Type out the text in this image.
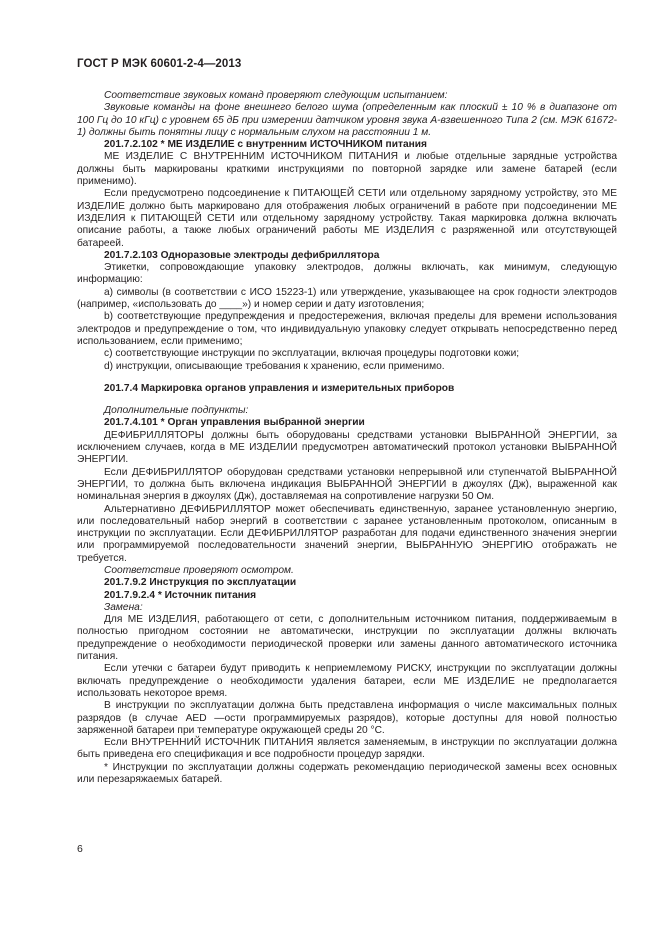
ГОСТ Р МЭК 60601-2-4—2013

Соответствие звуковых команд проверяют следующим испытанием:

Звуковые команды на фоне внешнего белого шума (определенным как плоский ± 10 % в диапазоне от 100 Гц до 10 кГц) с уровнем 65 дБ при измерении датчиком уровня звука А-взвешенного Типа 2 (см. МЭК 61672-1) должны быть понятны лицу с нормальным слухом на расстоянии 1 м.

201.7.2.102 * МЕ ИЗДЕЛИЕ с внутренним ИСТОЧНИКОМ питания

МЕ ИЗДЕЛИЕ С ВНУТРЕННИМ ИСТОЧНИКОМ ПИТАНИЯ и любые отдельные зарядные устройства должны быть маркированы краткими инструкциями по повторной зарядке или замене батарей (если применимо).

Если предусмотрено подсоединение к ПИТАЮЩЕЙ СЕТИ или отдельному зарядному устройству, это МЕ ИЗДЕЛИЕ должно быть маркировано для отображения любых ограничений в работе при подсоединении МЕ ИЗДЕЛИЯ к ПИТАЮЩЕЙ СЕТИ или отдельному зарядному устройству. Такая маркировка должна включать описание работы, а также любых ограничений работы МЕ ИЗДЕЛИЯ с разряженной или отсутствующей батареей.

201.7.2.103 Одноразовые электроды дефибриллятора

Этикетки, сопровождающие упаковку электродов, должны включать, как минимум, следующую информацию:

а) символы (в соответствии с ИСО 15223-1) или утверждение, указывающее на срок годности электродов (например, «использовать до ____») и номер серии и дату изготовления;

b) соответствующие предупреждения и предостережения, включая пределы для времени использования электродов и предупреждение о том, что индивидуальную упаковку следует открывать непосредственно перед использованием, если применимо;

c) соответствующие инструкции по эксплуатации, включая процедуры подготовки кожи;

d) инструкции, описывающие требования к хранению, если применимо.

201.7.4 Маркировка органов управления и измерительных приборов

Дополнительные подпункты:

201.7.4.101 * Орган управления выбранной энергии

ДЕФИБРИЛЛЯТОРЫ должны быть оборудованы средствами установки ВЫБРАННОЙ ЭНЕРГИИ, за исключением случаев, когда в МЕ ИЗДЕЛИИ предусмотрен автоматический протокол установки ВЫБРАННОЙ ЭНЕРГИИ.

Если ДЕФИБРИЛЛЯТОР оборудован средствами установки непрерывной или ступенчатой ВЫБРАННОЙ ЭНЕРГИИ, то должна быть включена индикация ВЫБРАННОЙ ЭНЕРГИИ в джоулях (Дж), выраженной как номинальная энергия в джоулях (Дж), доставляемая на сопротивление нагрузки 50 Ом.

Альтернативно ДЕФИБРИЛЛЯТОР может обеспечивать единственную, заранее установленную энергию, или последовательный набор энергий в соответствии с заранее установленным протоколом, описанным в инструкции по эксплуатации. Если ДЕФИБРИЛЛЯТОР разработан для подачи единственного значения энергии или программируемой последовательности значений энергии, ВЫБРАННУЮ ЭНЕРГИЮ отображать не требуется.

Соответствие проверяют осмотром.

201.7.9.2 Инструкция по эксплуатации

201.7.9.2.4 * Источник питания

Замена:

Для МЕ ИЗДЕЛИЯ, работающего от сети, с дополнительным источником питания, поддерживаемым в полностью пригодном состоянии не автоматически, инструкции по эксплуатации должны включать предупреждение о необходимости периодической проверки или замены данного автоматического источника питания.

Если утечки с батареи будут приводить к неприемлемому РИСКУ, инструкции по эксплуатации должны включать предупреждение о необходимости удаления батареи, если МЕ ИЗДЕЛИЕ не предполагается использовать некоторое время.

В инструкции по эксплуатации должна быть представлена информация о числе максимальных полных разрядов (в случае AED —ости программируемых разрядов), которые доступны для новой полностью заряженной батареи при температуре окружающей среды 20 °С.

Если ВНУТРЕННИЙ ИСТОЧНИК ПИТАНИЯ является заменяемым, в инструкции по эксплуатации должна быть приведена его спецификация и все подробности процедур зарядки.

* Инструкции по эксплуатации должны содержать рекомендацию периодической замены всех основных или перезаряжаемых батарей.

6
